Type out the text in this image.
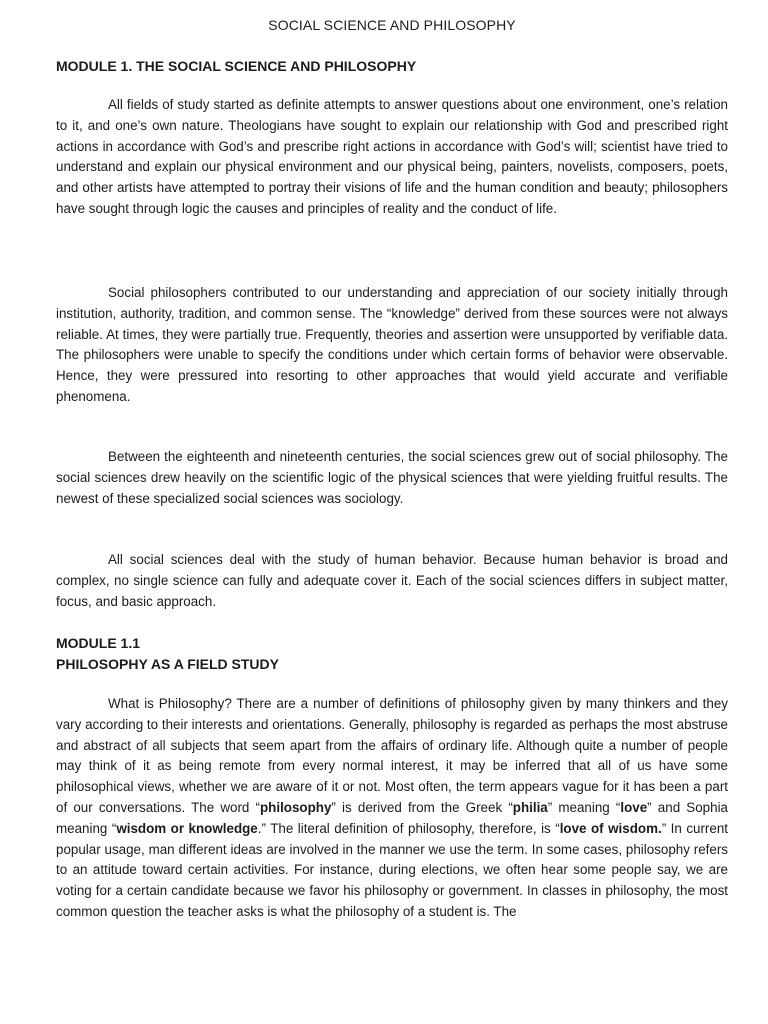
SOCIAL SCIENCE AND PHILOSOPHY
MODULE 1. THE SOCIAL SCIENCE AND PHILOSOPHY

All fields of study started as definite attempts to answer questions about one environment, one’s relation to it, and one’s own nature. Theologians have sought to explain our relationship with God and prescribed right actions in accordance with God’s and prescribe right actions in accordance with God’s will; scientist have tried to understand and explain our physical environment and our physical being, painters, novelists, composers, poets, and other artists have attempted to portray their visions of life and the human condition and beauty; philosophers have sought through logic the causes and principles of reality and the conduct of life.

Social philosophers contributed to our understanding and appreciation of our society initially through institution, authority, tradition, and common sense. The “knowledge” derived from these sources were not always reliable. At times, they were partially true. Frequently, theories and assertion were unsupported by verifiable data. The philosophers were unable to specify the conditions under which certain forms of behavior were observable. Hence, they were pressured into resorting to other approaches that would yield accurate and verifiable phenomena.

Between the eighteenth and nineteenth centuries, the social sciences grew out of social philosophy. The social sciences drew heavily on the scientific logic of the physical sciences that were yielding fruitful results. The newest of these specialized social sciences was sociology.

All social sciences deal with the study of human behavior. Because human behavior is broad and complex, no single science can fully and adequate cover it. Each of the social sciences differs in subject matter, focus, and basic approach.

MODULE 1.1
PHILOSOPHY AS A FIELD STUDY

What is Philosophy? There are a number of definitions of philosophy given by many thinkers and they vary according to their interests and orientations. Generally, philosophy is regarded as perhaps the most abstruse and abstract of all subjects that seem apart from the affairs of ordinary life. Although quite a number of people may think of it as being remote from every normal interest, it may be inferred that all of us have some philosophical views, whether we are aware of it or not. Most often, the term appears vague for it has been a part of our conversations. The word “philosophy” is derived from the Greek “philia” meaning “love” and Sophia meaning “wisdom or knowledge.” The literal definition of philosophy, therefore, is “love of wisdom.” In current popular usage, man different ideas are involved in the manner we use the term. In some cases, philosophy refers to an attitude toward certain activities. For instance, during elections, we often hear some people say, we are voting for a certain candidate because we favor his philosophy or government. In classes in philosophy, the most common question the teacher asks is what the philosophy of a student is. The
